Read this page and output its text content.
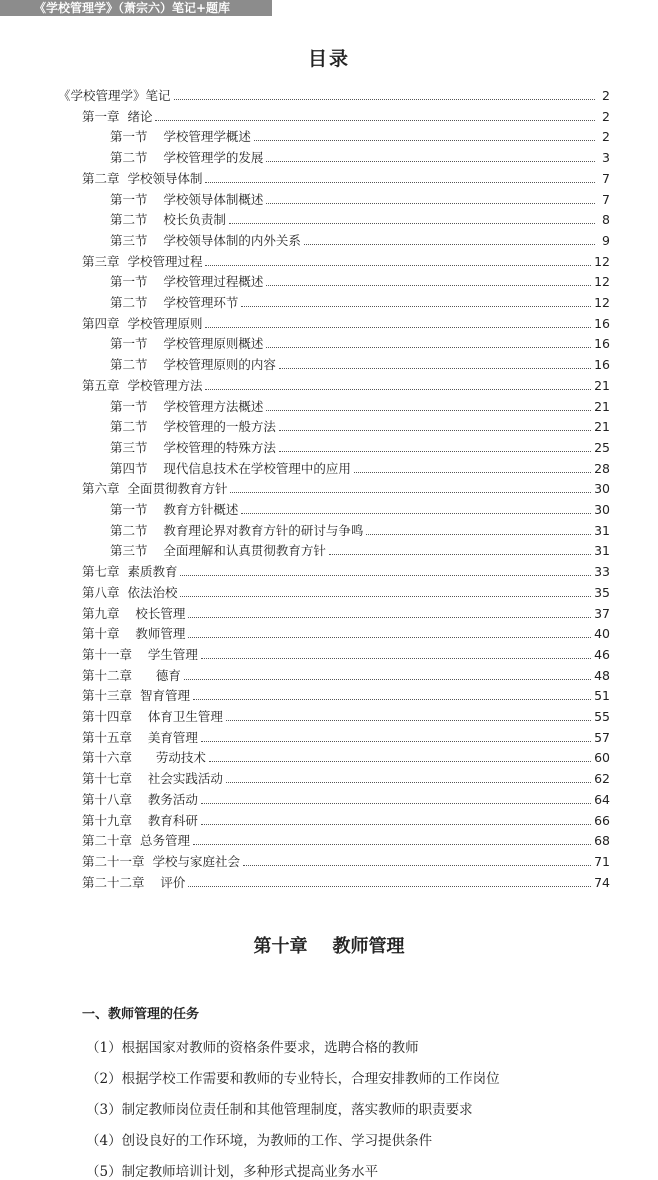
《学校管理学》（萧宗六）笔记+题库
目录
《学校管理学》笔记	2
第一章  绪论	2
第一节    学校管理学概述	2
第二节    学校管理学的发展	3
第二章  学校领导体制	7
第一节    学校领导体制概述	7
第二节    校长负责制	8
第三节    学校领导体制的内外关系	9
第三章  学校管理过程	12
第一节    学校管理过程概述	12
第二节    学校管理环节	12
第四章  学校管理原则	16
第一节    学校管理原则概述	16
第二节    学校管理原则的内容	16
第五章  学校管理方法	21
第一节    学校管理方法概述	21
第二节    学校管理的一般方法	21
第三节    学校管理的特殊方法	25
第四节    现代信息技术在学校管理中的应用	28
第六章  全面贯彻教育方针	30
第一节    教育方针概述	30
第二节    教育理论界对教育方针的研讨与争鸣	31
第三节    全面理解和认真贯彻教育方针	31
第七章  素质教育	33
第八章  依法治校	35
第九章    校长管理	37
第十章    教师管理	40
第十一章    学生管理	46
第十二章      德育	48
第十三章  智育管理	51
第十四章    体育卫生管理	55
第十五章    美育管理	57
第十六章      劳动技术	60
第十七章    社会实践活动	62
第十八章    教务活动	64
第十九章    教育科研	66
第二十章  总务管理	68
第二十一章  学校与家庭社会	71
第二十二章    评价	74
第十章    教师管理
一、教师管理的任务
（1）根据国家对教师的资格条件要求，选聘合格的教师
（2）根据学校工作需要和教师的专业特长，合理安排教师的工作岗位
（3）制定教师岗位责任制和其他管理制度，落实教师的职责要求
（4）创设良好的工作环境，为教师的工作、学习提供条件
（5）制定教师培训计划，多种形式提高业务水平
